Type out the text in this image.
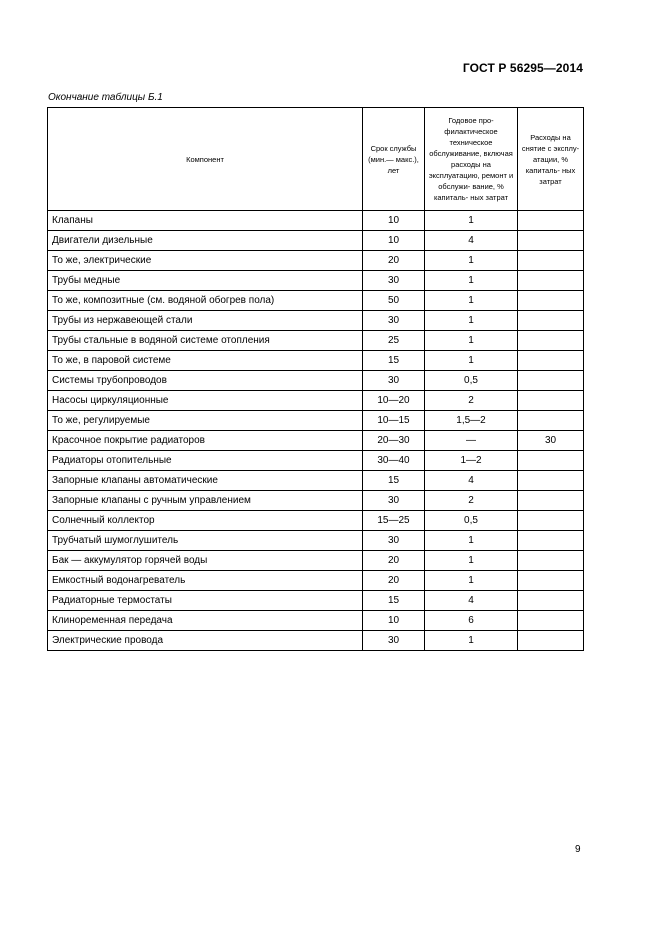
ГОСТ Р 56295—2014
Окончание таблицы Б.1
Компонент	Срок службы (мин.— макс.), лет	Годовое про- филактическое техническое обслуживание, включая расходы на эксплуатацию, ремонт и обслужи- вание, % капиталь- ных затрат	Расходы на снятие с эксплу- атации, % капиталь- ных затрат
Клапаны	10	1	
Двигатели дизельные	10	4	
То же, электрические	20	1	
Трубы медные	30	1	
То же, композитные (см. водяной обогрев пола)	50	1	
Трубы из нержавеющей стали	30	1	
Трубы стальные в водяной системе отопления	25	1	
То же, в паровой системе	15	1	
Системы трубопроводов	30	0,5	
Насосы циркуляционные	10—20	2	
То же, регулируемые	10—15	1,5—2	
Красочное покрытие радиаторов	20—30	—	30
Радиаторы отопительные	30—40	1—2	
Запорные клапаны автоматические	15	4	
Запорные клапаны с ручным управлением	30	2	
Солнечный коллектор	15—25	0,5	
Трубчатый шумоглушитель	30	1	
Бак — аккумулятор горячей воды	20	1	
Емкостный водонагреватель	20	1	
Радиаторные термостаты	15	4	
Клиноременная передача	10	6	
Электрические провода	30	1	
9
